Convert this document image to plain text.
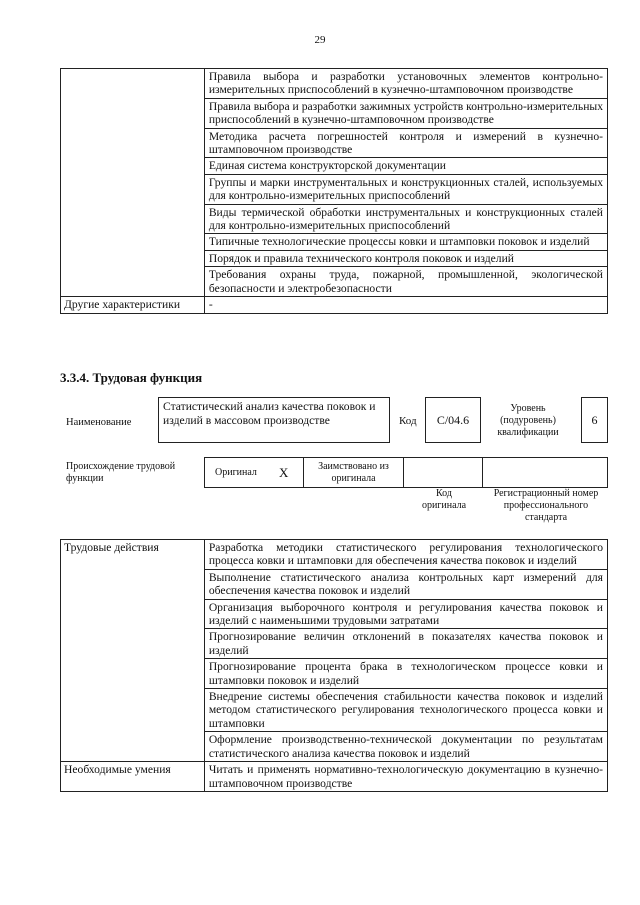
29
	Правила выбора и разработки установочных элементов контрольно-измерительных приспособлений в кузнечно-штамповочном производстве
	Правила выбора и разработки зажимных устройств контрольно-измерительных приспособлений в кузнечно-штамповочном производстве
	Методика расчета погрешностей контроля и измерений в кузнечно-штамповочном производстве
	Единая система конструкторской документации
	Группы и марки инструментальных и конструкционных сталей, используемых для контрольно-измерительных приспособлений
	Виды термической обработки инструментальных и конструкционных сталей для контрольно-измерительных приспособлений
	Типичные технологические процессы ковки и штамповки поковок и изделий
	Порядок и правила технического контроля поковок и изделий
	Требования охраны труда, пожарной, промышленной, экологической безопасности и электробезопасности
Другие характеристики	-
3.3.4. Трудовая функция
Наименование
Статистический анализ качества поковок и изделий в массовом производстве	Код C/04.6
Уровень (подуровень) квалификации
6
Происхождение трудовой функции
Оригинал X	Заимствовано из оригинала
Код оригинала
Регистрационный номер профессионального стандарта
Трудовые действия	Разработка методики статистического регулирования технологического процесса ковки и штамповки для обеспечения качества поковок и изделий
	Выполнение статистического анализа контрольных карт измерений для обеспечения качества поковок и изделий
	Организация выборочного контроля и регулирования качества поковок и изделий с наименьшими трудовыми затратами
	Прогнозирование величин отклонений в показателях качества поковок и изделий
	Прогнозирование процента брака в технологическом процессе ковки и штамповки поковок и изделий
	Внедрение системы обеспечения стабильности качества поковок и изделий методом статистического регулирования технологического процесса ковки и штамповки
	Оформление производственно-технической документации по результатам статистического анализа качества поковок и изделий
Необходимые умения	Читать и применять нормативно-технологическую документацию в кузнечно-штамповочном производстве
